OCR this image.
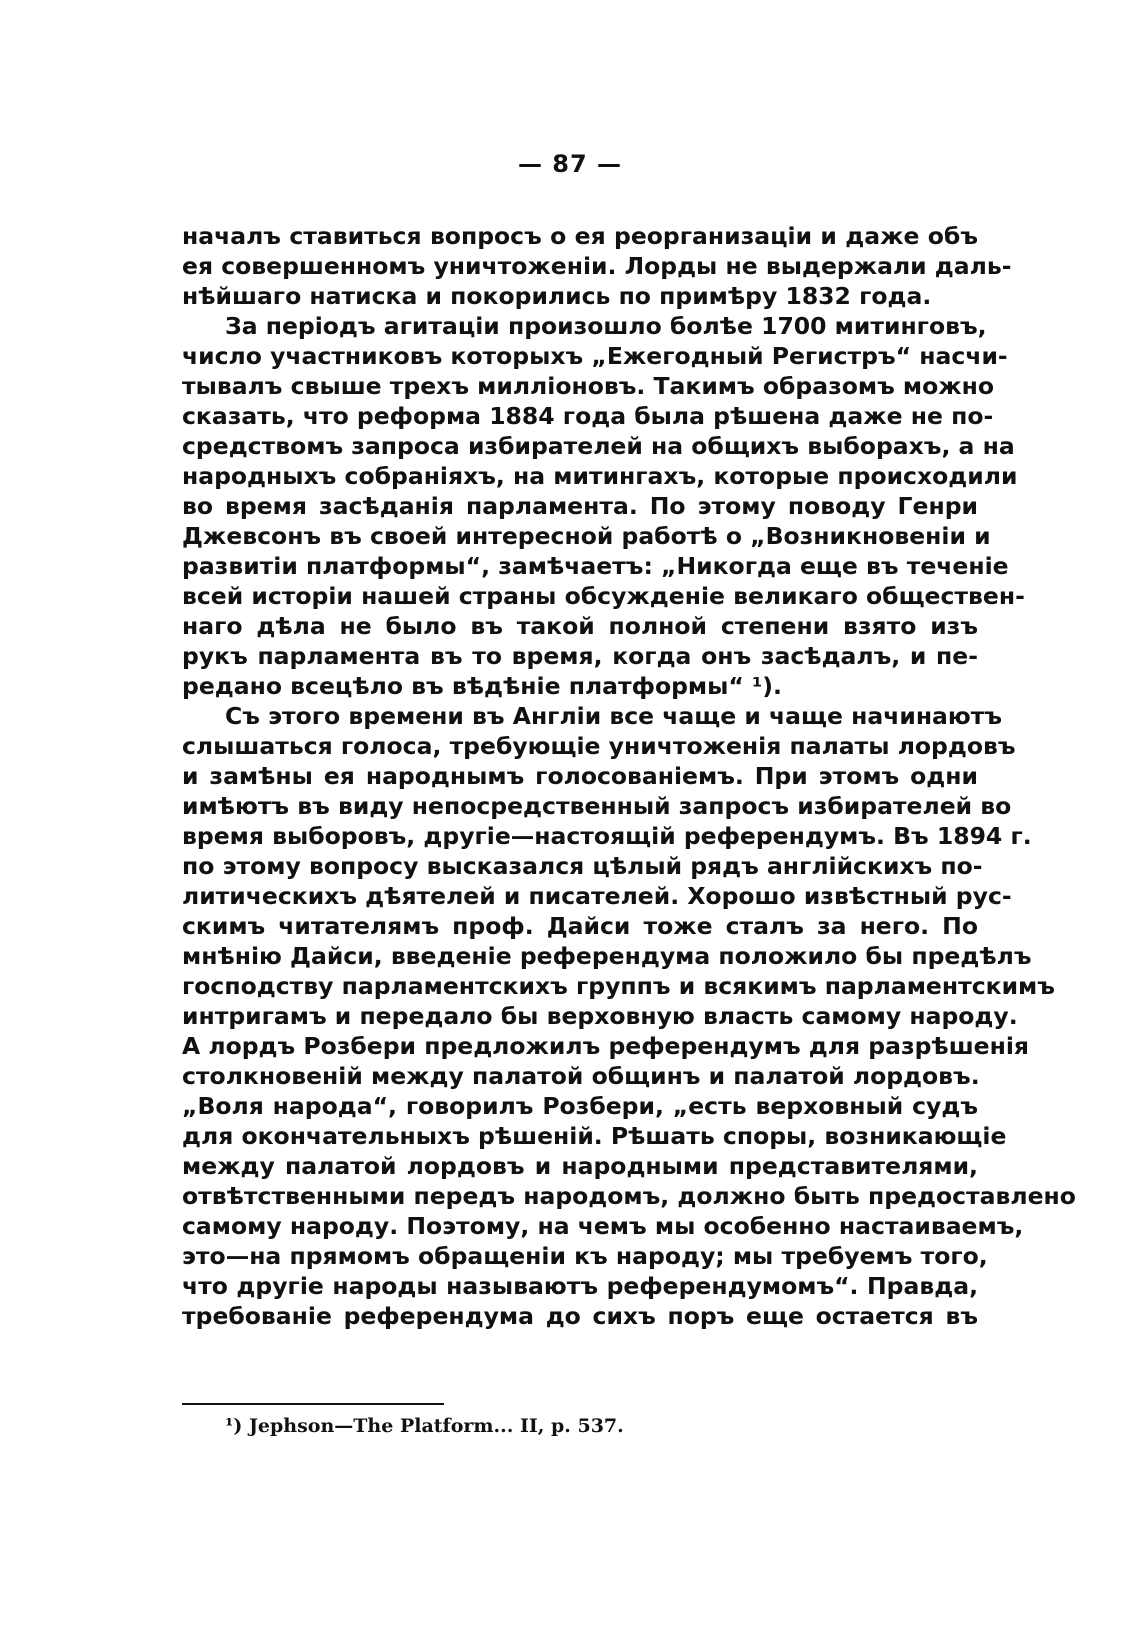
— 87 —
началъ ставиться вопросъ о ея реорганизаціи и даже объ
ея совершенномъ уничтоженіи. Лорды не выдержали даль-
нѣйшаго натиска и покорились по примѣру 1832 года.
За періодъ агитаціи произошло болѣе 1700 митинговъ,
число участниковъ которыхъ „Ежегодный Регистръ“ насчи-
тывалъ свыше трехъ милліоновъ. Такимъ образомъ можно
сказать, что реформа 1884 года была рѣшена даже не по-
средствомъ запроса избирателей на общихъ выборахъ, а на
народныхъ собраніяхъ, на митингахъ, которые происходили
во время засѣданія парламента. По этому поводу Генри
Джевсонъ въ своей интересной работѣ о „Возникновеніи и
развитіи платформы“, замѣчаетъ: „Никогда еще въ теченіе
всей исторіи нашей страны обсужденіе великаго обществен-
наго дѣла не было въ такой полной степени взято изъ
рукъ парламента въ то время, когда онъ засѣдалъ, и пе-
редано всецѣло въ вѣдѣніе платформы“ ¹).
Съ этого времени въ Англіи все чаще и чаще начинаютъ
слышаться голоса, требующіе уничтоженія палаты лордовъ
и замѣны ея народнымъ голосованіемъ. При этомъ одни
имѣютъ въ виду непосредственный запросъ избирателей во
время выборовъ, другіе—настоящій референдумъ. Въ 1894 г.
по этому вопросу высказался цѣлый рядъ англійскихъ по-
литическихъ дѣятелей и писателей. Хорошо извѣстный рус-
скимъ читателямъ проф. Дайси тоже сталъ за него. По
мнѣнію Дайси, введеніе референдума положило бы предѣлъ
господству парламентскихъ группъ и всякимъ парламентскимъ
интригамъ и передало бы верховную власть самому народу.
А лордъ Розбери предложилъ референдумъ для разрѣшенія
столкновеній между палатой общинъ и палатой лордовъ.
„Воля народа“, говорилъ Розбери, „есть верховный судъ
для окончательныхъ рѣшеній. Рѣшать споры, возникающіе
между палатой лордовъ и народными представителями,
отвѣтственными передъ народомъ, должно быть предоставлено
самому народу. Поэтому, на чемъ мы особенно настаиваемъ,
это—на прямомъ обращеніи къ народу; мы требуемъ того,
что другіе народы называютъ референдумомъ“. Правда,
требованіе референдума до сихъ поръ еще остается въ
¹) Jephson—The Platform... II, p. 537.
